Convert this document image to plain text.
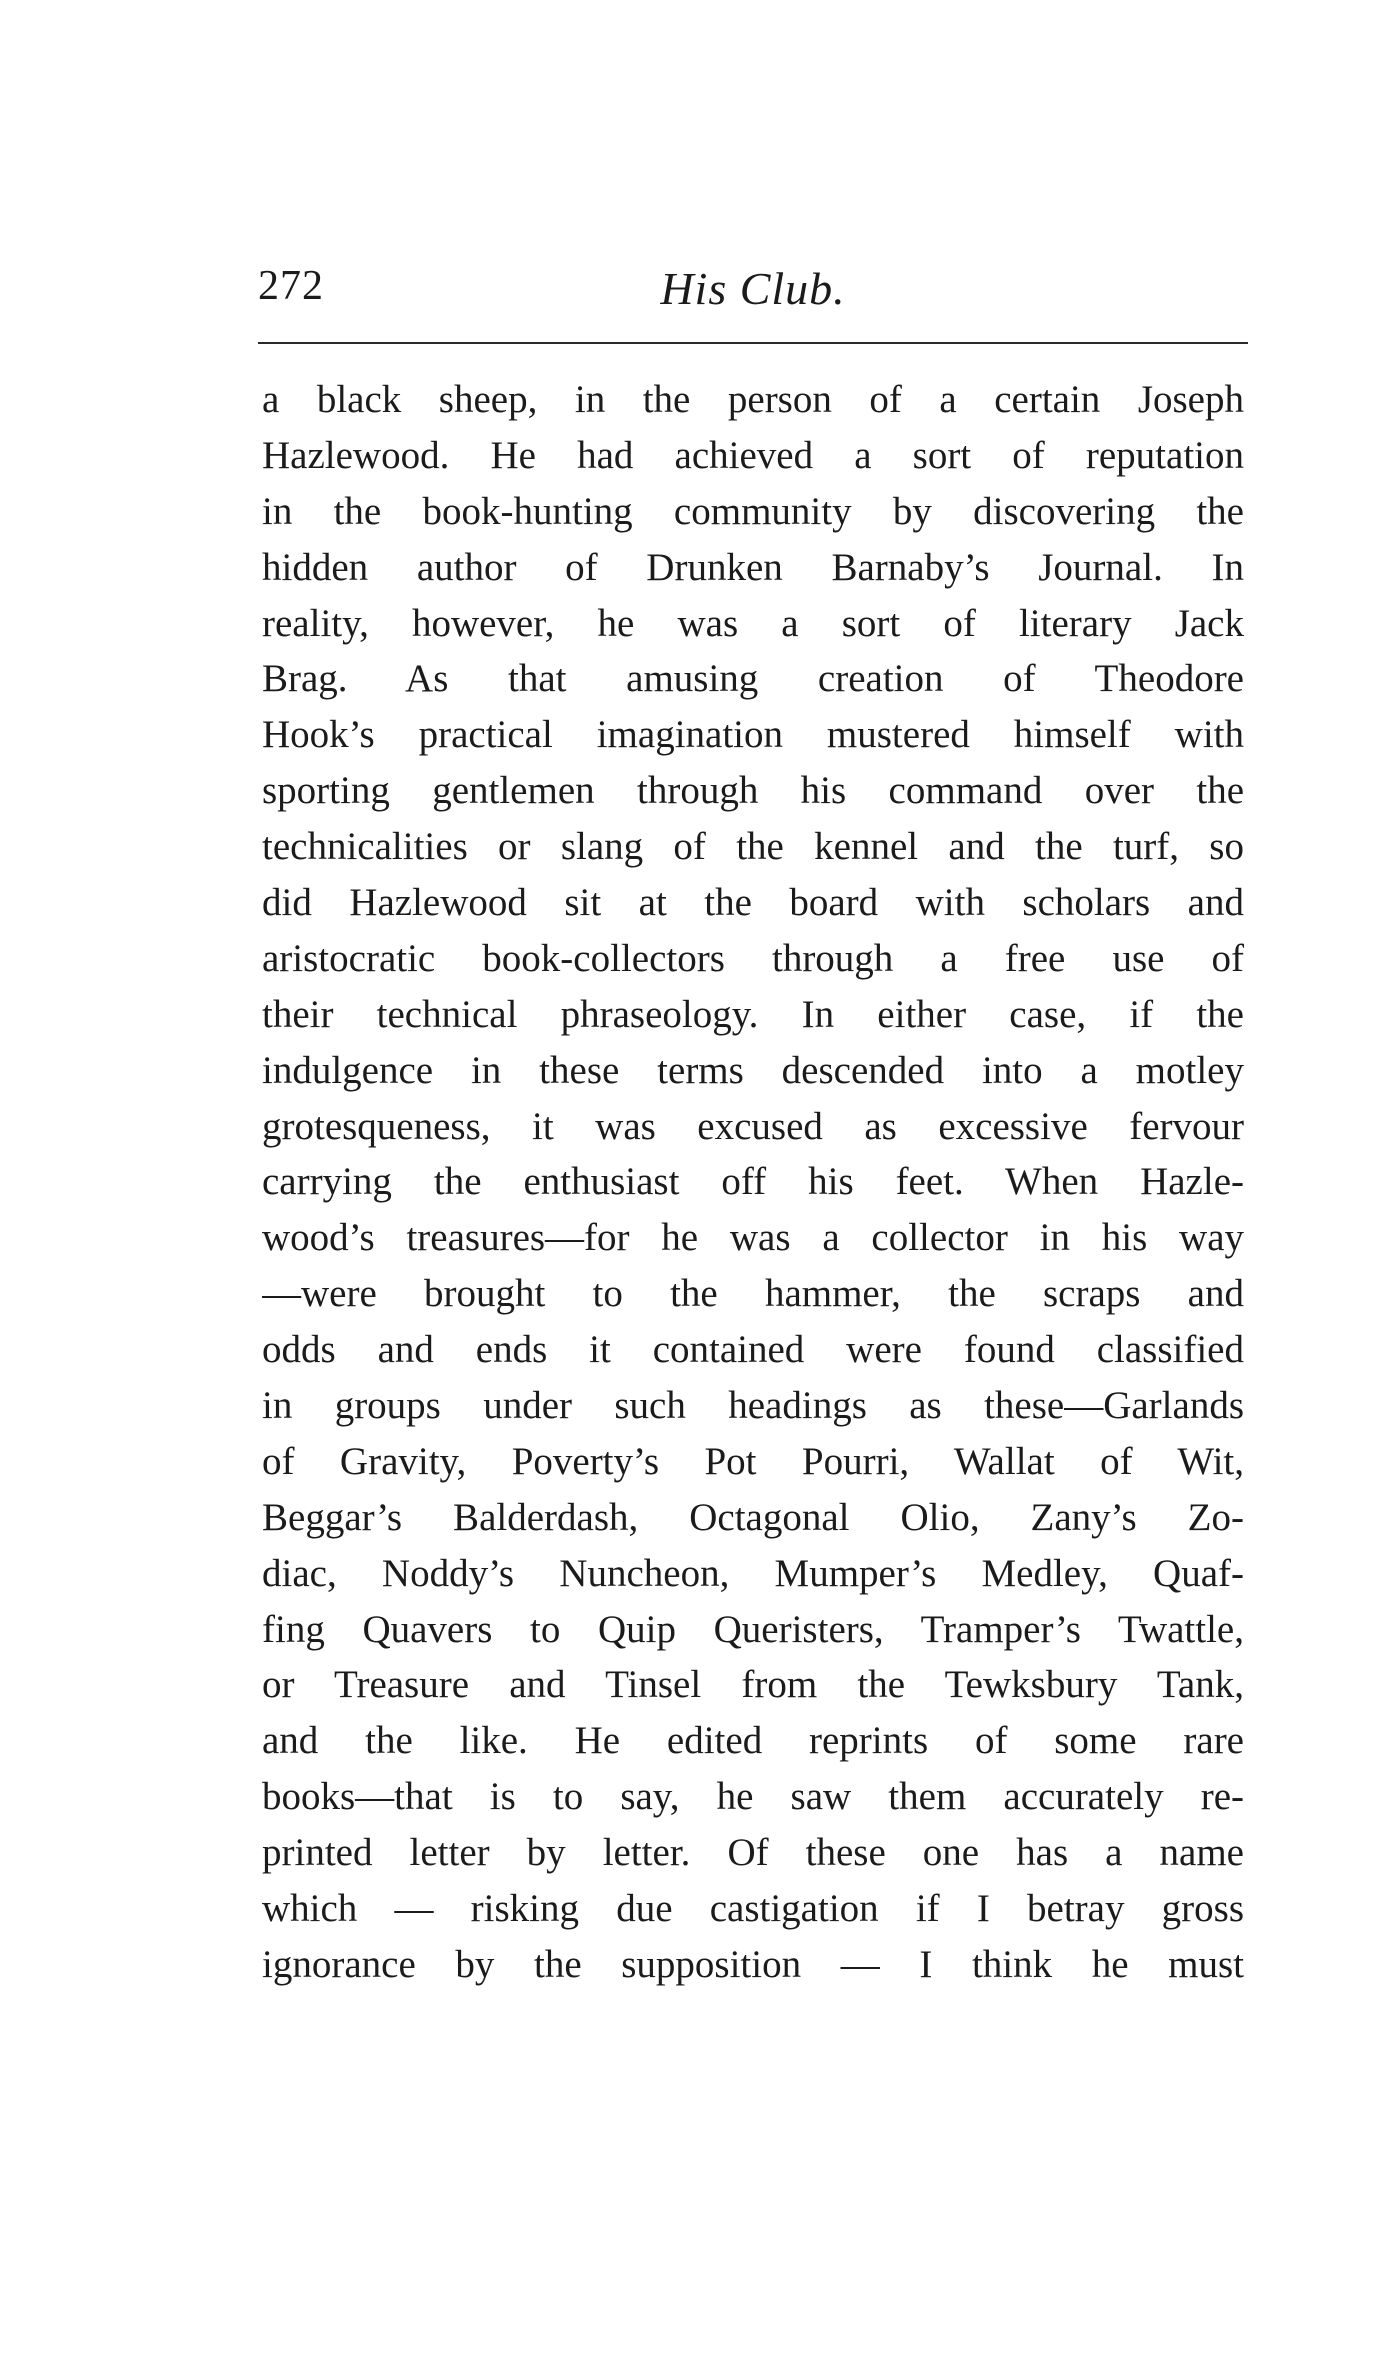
272	His Club.
a black sheep, in the person of a certain Joseph
Hazlewood. He had achieved a sort of reputation
in the book-hunting community by discovering the
hidden author of Drunken Barnaby’s Journal. In
reality, however, he was a sort of literary Jack
Brag. As that amusing creation of Theodore
Hook’s practical imagination mustered himself with
sporting gentlemen through his command over the
technicalities or slang of the kennel and the turf, so
did Hazlewood sit at the board with scholars and
aristocratic book-collectors through a free use of
their technical phraseology. In either case, if the
indulgence in these terms descended into a motley
grotesqueness, it was excused as excessive fervour
carrying the enthusiast off his feet. When Hazle-
wood’s treasures—for he was a collector in his way
—were brought to the hammer, the scraps and
odds and ends it contained were found classified
in groups under such headings as these—Garlands
of Gravity, Poverty’s Pot Pourri, Wallat of Wit,
Beggar’s Balderdash, Octagonal Olio, Zany’s Zo-
diac, Noddy’s Nuncheon, Mumper’s Medley, Quaf-
fing Quavers to Quip Queristers, Tramper’s Twattle,
or Treasure and Tinsel from the Tewksbury Tank,
and the like. He edited reprints of some rare
books—that is to say, he saw them accurately re-
printed letter by letter. Of these one has a name
which — risking due castigation if I betray gross
ignorance by the supposition — I think he must
